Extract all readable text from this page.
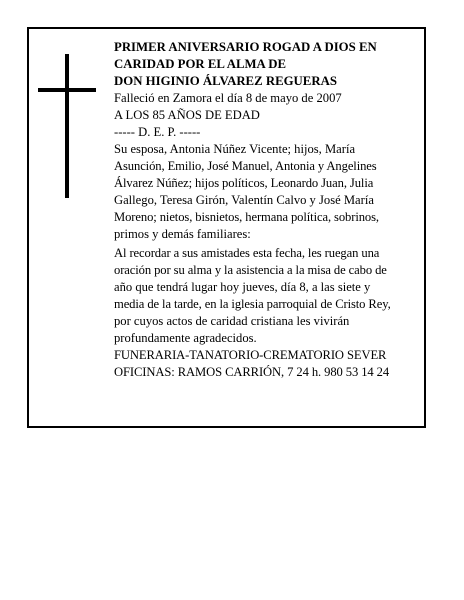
PRIMER ANIVERSARIO ROGAD A DIOS EN
CARIDAD POR EL ALMA DE
DON HIGINIO ÁLVAREZ REGUERAS
Falleció en Zamora el día 8 de mayo de 2007
A LOS 85 AÑOS DE EDAD
----- D. E. P. -----
Su esposa, Antonia Núñez Vicente; hijos, María
Asunción, Emilio, José Manuel, Antonia y Angelines
Álvarez Núñez; hijos políticos, Leonardo Juan, Julia
Gallego, Teresa Girón, Valentín Calvo y José María
Moreno; nietos, bisnietos, hermana política, sobrinos,
primos y demás familiares:
Al recordar a sus amistades esta fecha, les ruegan una
oración por su alma y la asistencia a la misa de cabo de
año que tendrá lugar hoy jueves, día 8, a las siete y
media de la tarde, en la iglesia parroquial de Cristo Rey,
por cuyos actos de caridad cristiana les vivirán
profundamente agradecidos.
FUNERARIA-TANATORIO-CREMATORIO SEVER
OFICINAS: RAMOS CARRIÓN, 7 24 h. 980 53 14 24
